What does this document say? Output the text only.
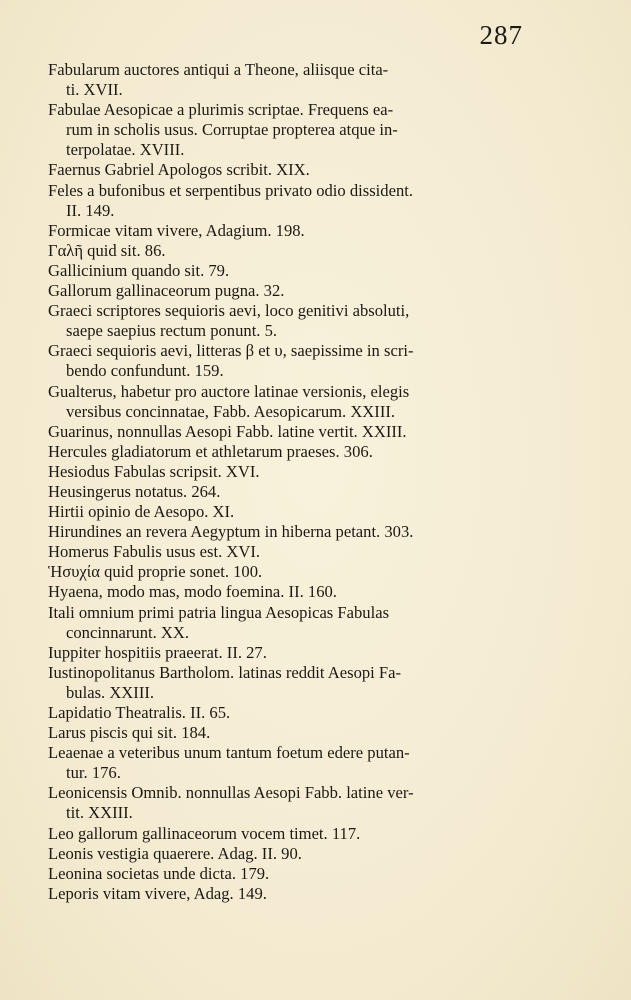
287
Fabularum auctores antiqui a Theone, aliisque cita-
ti. XVII.
Fabulae Aesopicae a plurimis scriptae. Frequens ea-
rum in scholis usus. Corruptae propterea atque in-
terpolatae. XVIII.
Faernus Gabriel Apologos scribit. XIX.
Feles a bufonibus et serpentibus privato odio dissident.
II. 149.
Formicae vitam vivere, Adagium. 198.
Γαλῆ quid sit. 86.
Gallicinium quando sit. 79.
Gallorum gallinaceorum pugna. 32.
Graeci scriptores sequioris aevi, loco genitivi absoluti,
saepe saepius rectum ponunt. 5.
Graeci sequioris aevi, litteras β et υ, saepissime in scri-
bendo confundunt. 159.
Gualterus, habetur pro auctore latinae versionis, elegis
versibus concinnatae, Fabb. Aesopicarum. XXIII.
Guarinus, nonnullas Aesopi Fabb. latine vertit. XXIII.
Hercules gladiatorum et athletarum praeses. 306.
Hesiodus Fabulas scripsit. XVI.
Heusingerus notatus. 264.
Hirtii opinio de Aesopo. XI.
Hirundines an revera Aegyptum in hiberna petant. 303.
Homerus Fabulis usus est. XVI.
Ἡσυχία quid proprie sonet. 100.
Hyaena, modo mas, modo foemina. II. 160.
Itali omnium primi patria lingua Aesopicas Fabulas
concinnarunt. XX.
Iuppiter hospitiis praeerat. II. 27.
Iustinopolitanus Bartholom. latinas reddit Aesopi Fa-
bulas. XXIII.
Lapidatio Theatralis. II. 65.
Larus piscis qui sit. 184.
Leaenae a veteribus unum tantum foetum edere putan-
tur. 176.
Leonicensis Omnib. nonnullas Aesopi Fabb. latine ver-
tit. XXIII.
Leo gallorum gallinaceorum vocem timet. 117.
Leonis vestigia quaerere. Adag. II. 90.
Leonina societas unde dicta. 179.
Leporis vitam vivere, Adag. 149.
